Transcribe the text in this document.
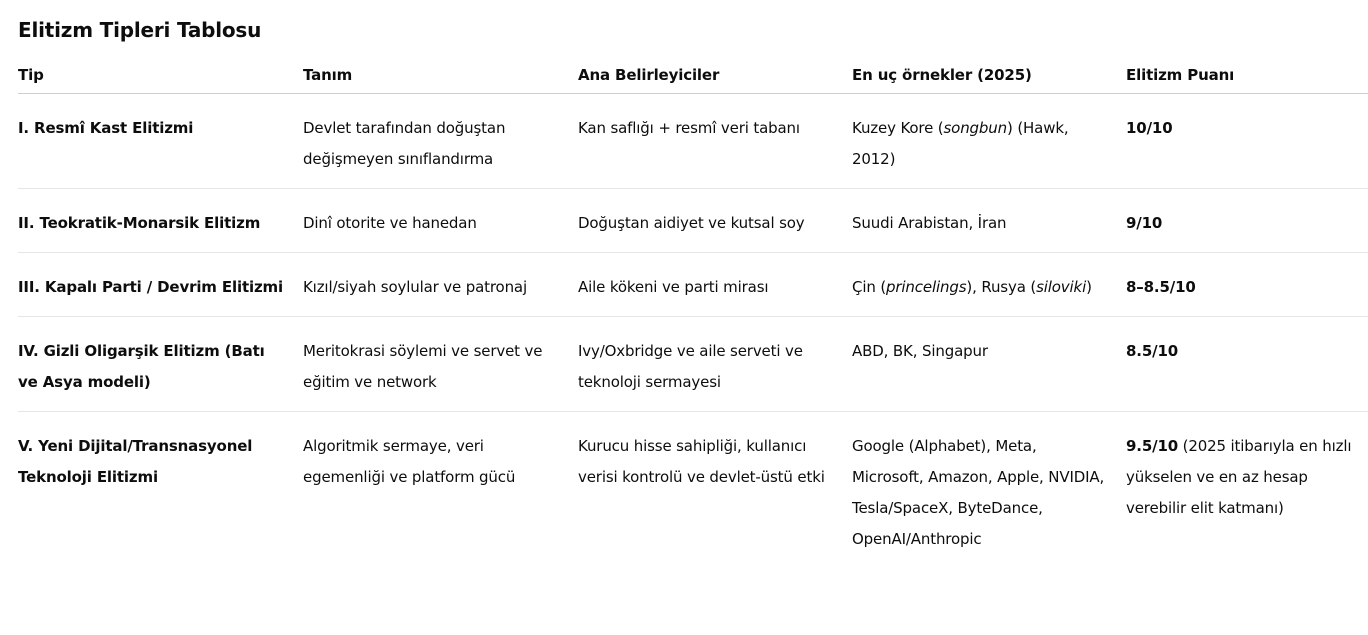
Elitizm Tipleri Tablosu
Tip	Tanım	Ana Belirleyiciler	En uç örnekler (2025)	Elitizm Puanı
I. Resmî Kast Elitizmi	Devlet tarafından doğuştan değişmeyen sınıflandırma	Kan saflığı + resmî veri tabanı	Kuzey Kore (songbun) (Hawk, 2012)	10/10
II. Teokratik-Monarsik Elitizm	Dinî otorite ve hanedan	Doğuştan aidiyet ve kutsal soy	Suudi Arabistan, İran	9/10
III. Kapalı Parti / Devrim Elitizmi	Kızıl/siyah soylular ve patronaj	Aile kökeni ve parti mirası	Çin (princelings), Rusya (siloviki)	8–8.5/10
IV. Gizli Oligarşik Elitizm (Batı ve Asya modeli)	Meritokrasi söylemi ve servet ve eğitim ve network	Ivy/Oxbridge ve aile serveti ve teknoloji sermayesi	ABD, BK, Singapur	8.5/10
V. Yeni Dijital/Transnasyonel Teknoloji Elitizmi	Algoritmik sermaye, veri egemenliği ve platform gücü	Kurucu hisse sahipliği, kullanıcı verisi kontrolü ve devlet-üstü etki	Google (Alphabet), Meta, Microsoft, Amazon, Apple, NVIDIA, Tesla/SpaceX, ByteDance, OpenAI/Anthropic	9.5/10 (2025 itibarıyla en hızlı yükselen ve en az hesap verebilir elit katmanı)
